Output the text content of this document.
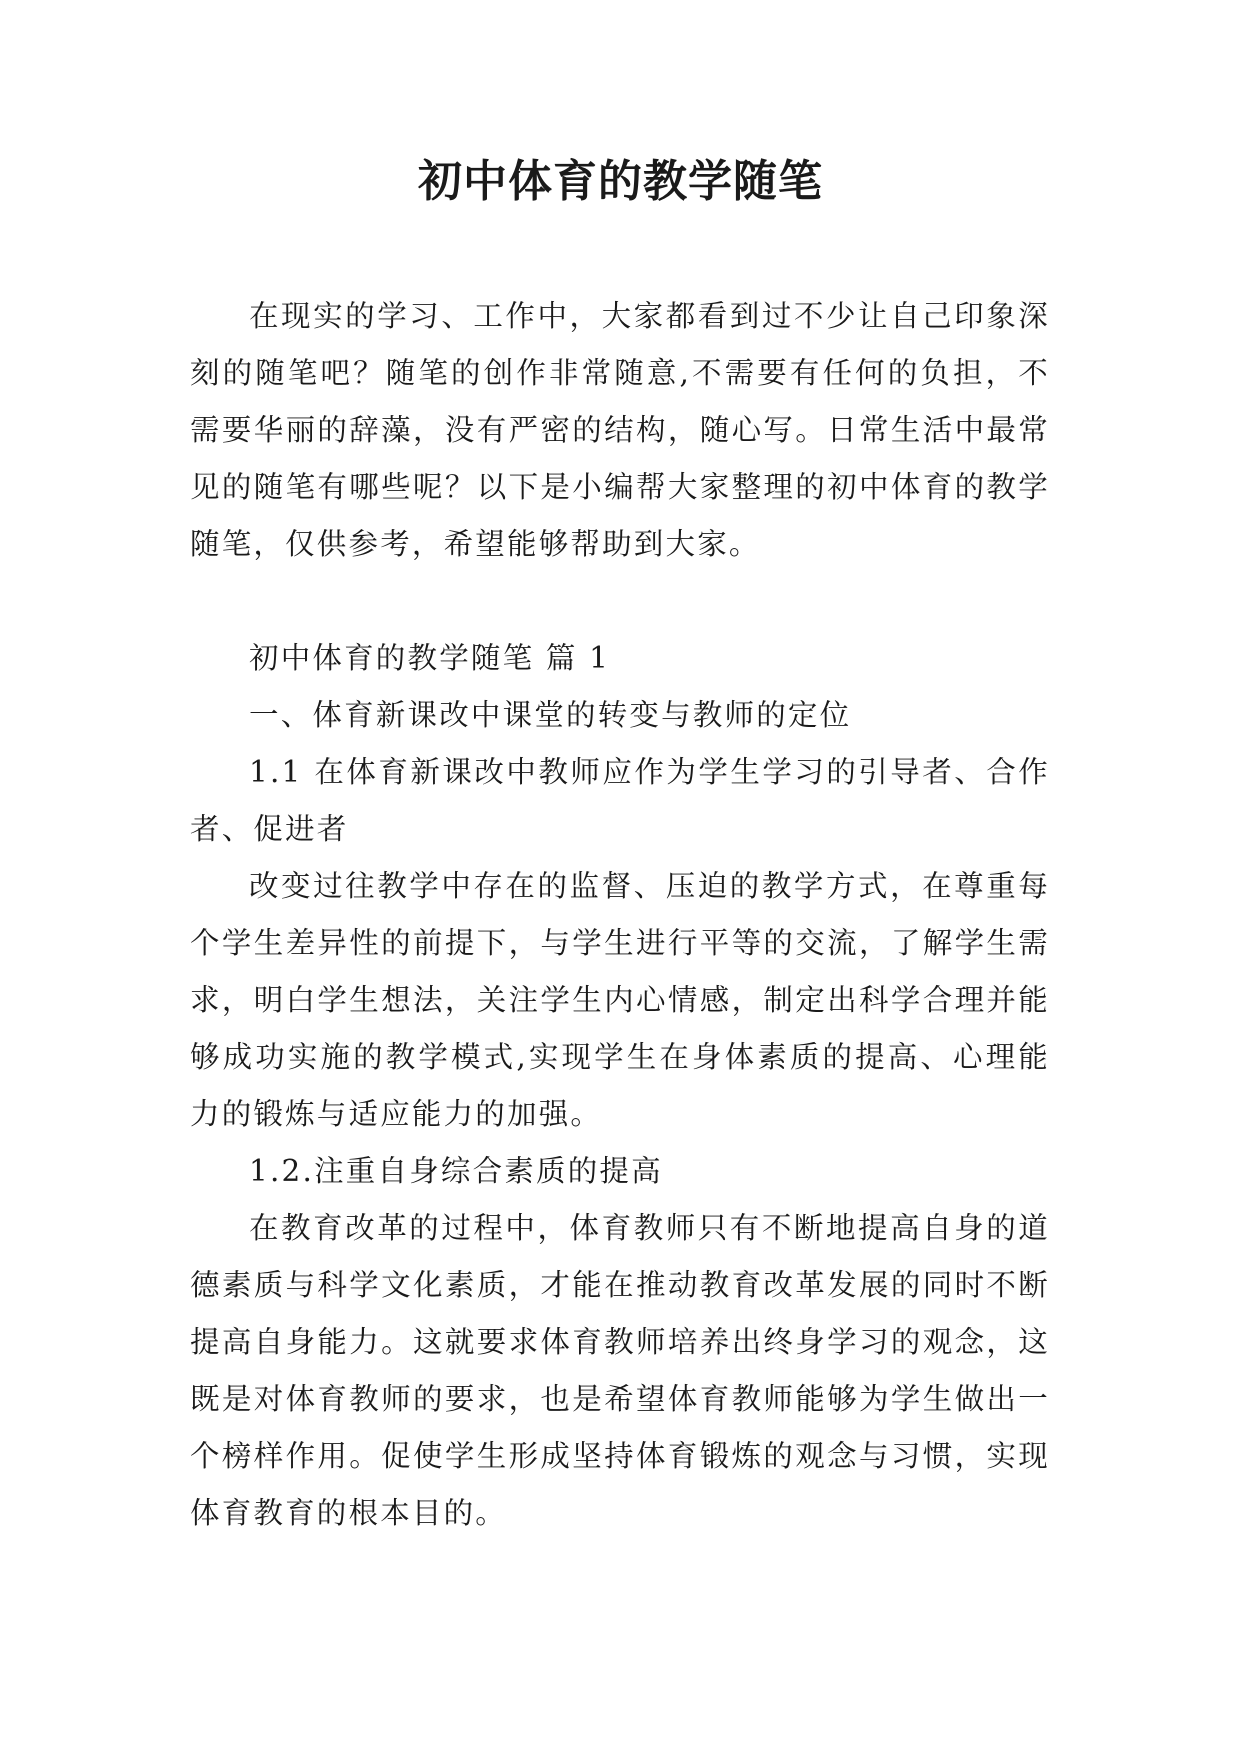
初中体育的教学随笔

在现实的学习、工作中，大家都看到过不少让自己印象深刻的随笔吧？随笔的创作非常随意,不需要有任何的负担，不需要华丽的辞藻，没有严密的结构，随心写。日常生活中最常见的随笔有哪些呢？以下是小编帮大家整理的初中体育的教学随笔，仅供参考，希望能够帮助到大家。

初中体育的教学随笔 篇 1

一、体育新课改中课堂的转变与教师的定位

1.1 在体育新课改中教师应作为学生学习的引导者、合作者、促进者

改变过往教学中存在的监督、压迫的教学方式，在尊重每个学生差异性的前提下，与学生进行平等的交流，了解学生需求，明白学生想法，关注学生内心情感，制定出科学合理并能够成功实施的教学模式,实现学生在身体素质的提高、心理能力的锻炼与适应能力的加强。

1.2.注重自身综合素质的提高

在教育改革的过程中，体育教师只有不断地提高自身的道德素质与科学文化素质，才能在推动教育改革发展的同时不断提高自身能力。这就要求体育教师培养出终身学习的观念，这既是对体育教师的要求，也是希望体育教师能够为学生做出一个榜样作用。促使学生形成坚持体育锻炼的观念与习惯，实现体育教育的根本目的。
